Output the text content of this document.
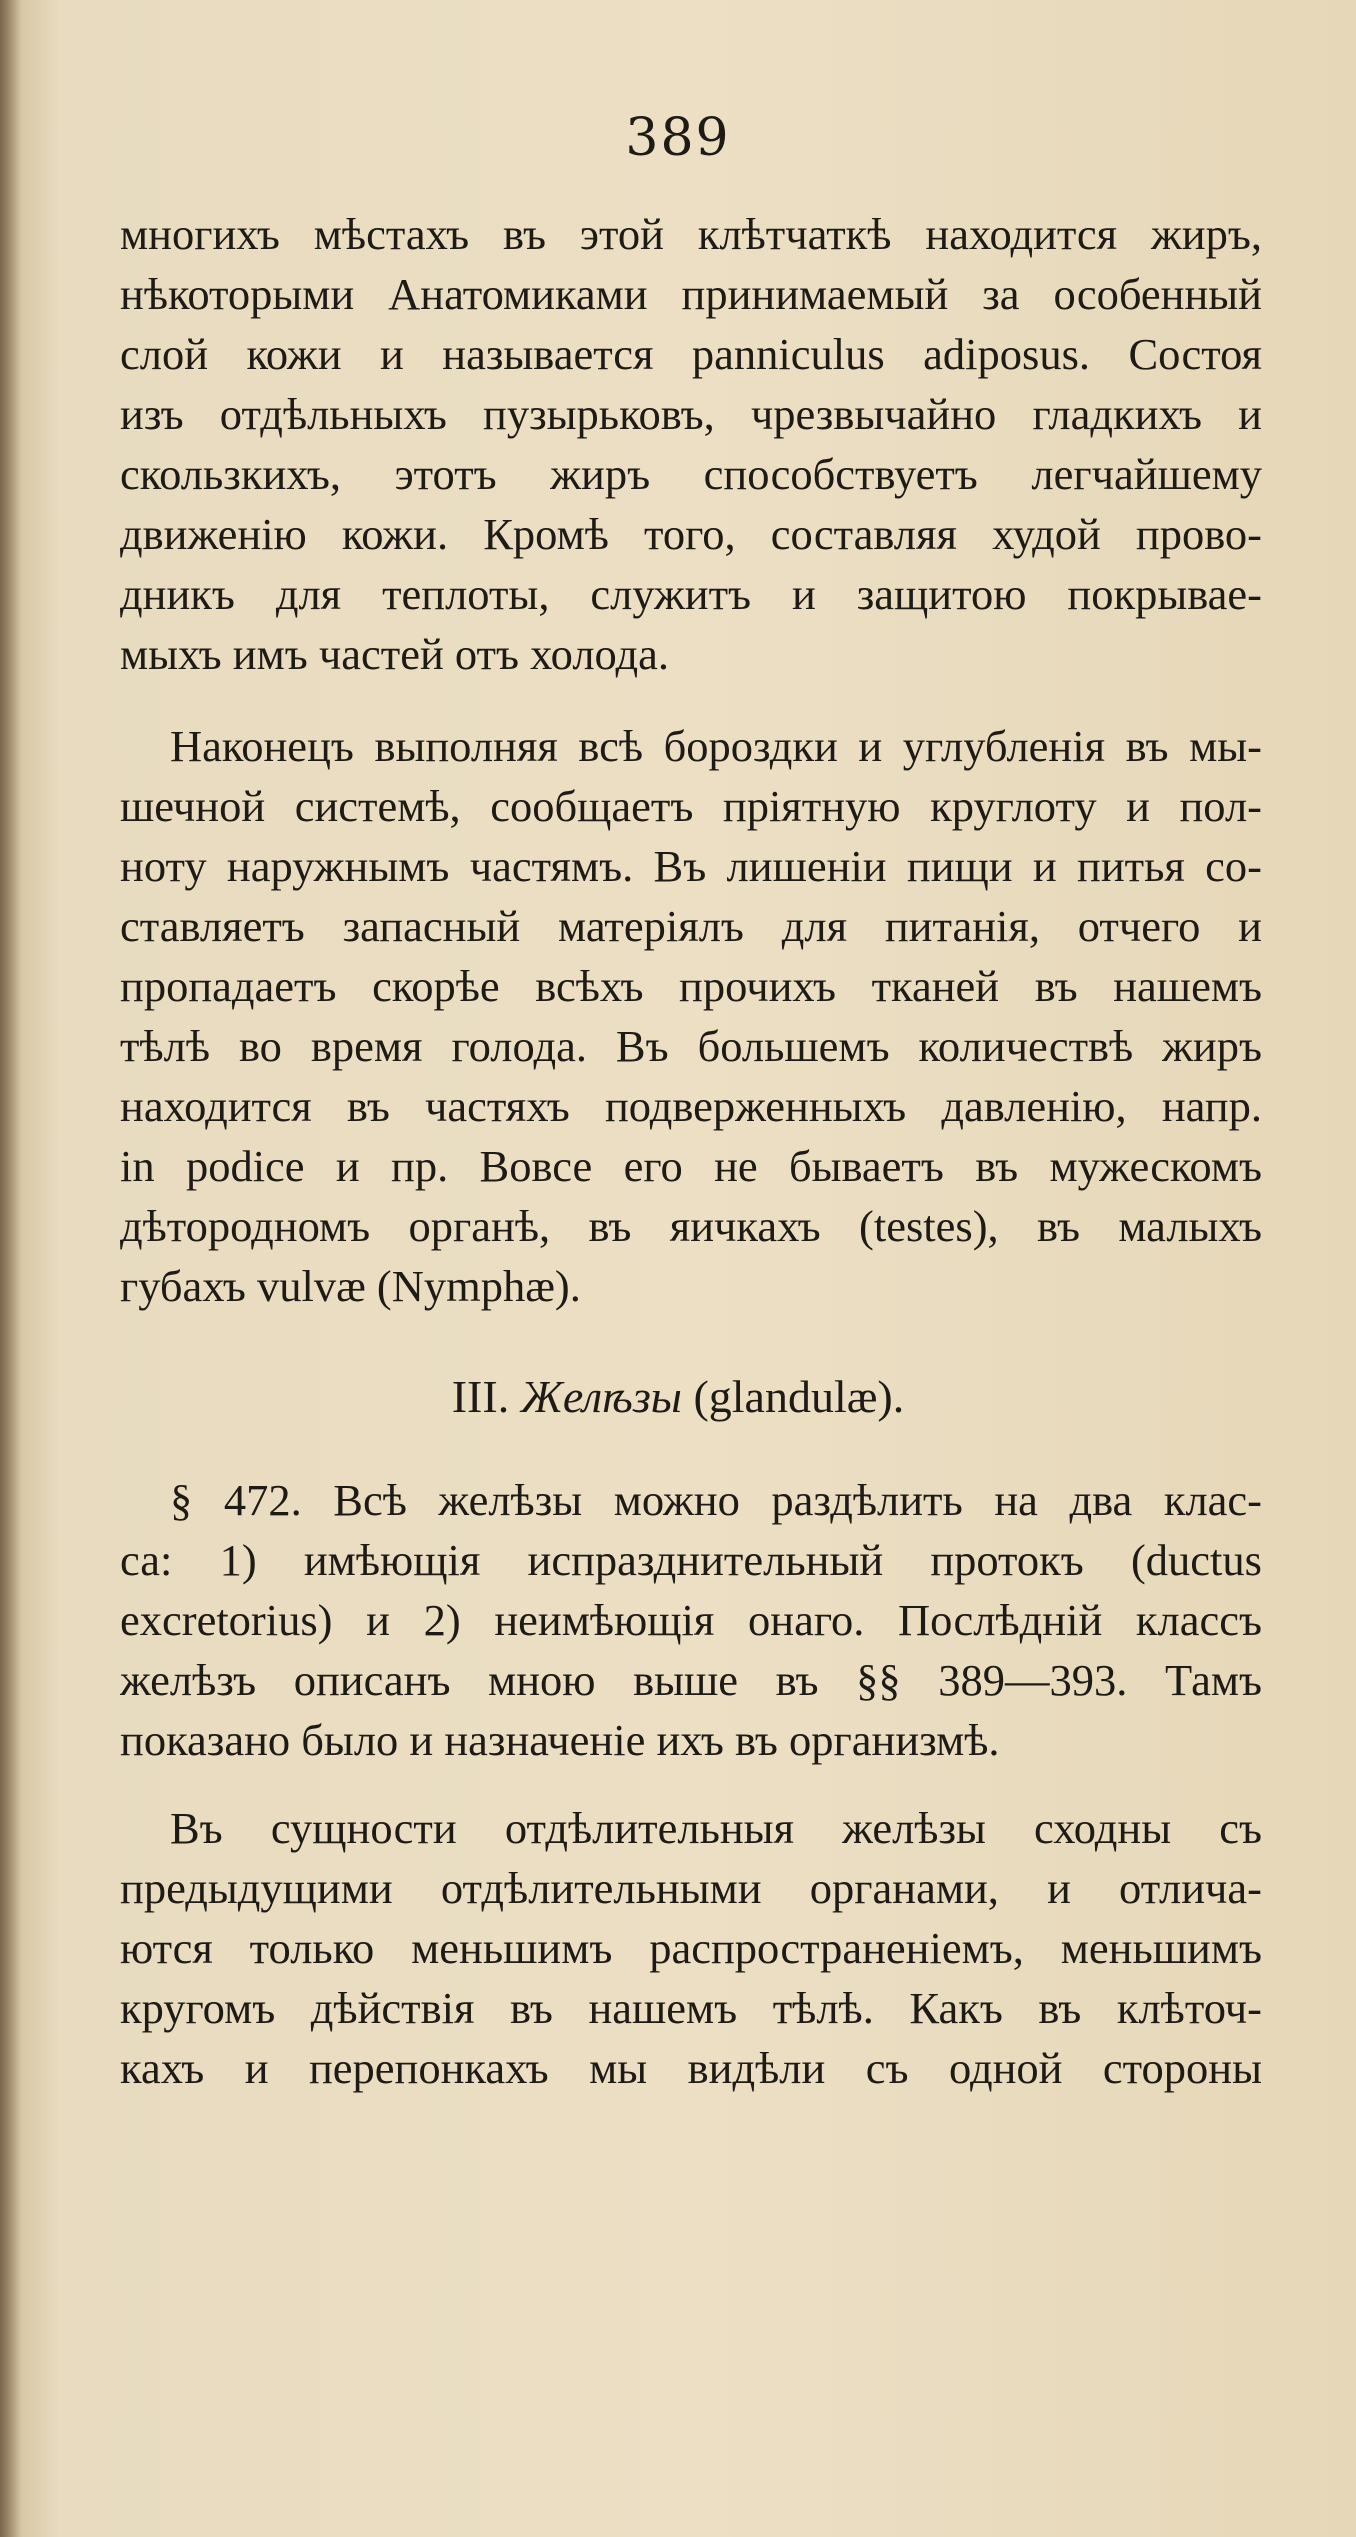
389
многихъ мѣстахъ въ этой клѣтчаткѣ находится жиръ,
нѣкоторыми Анатомиками принимаемый за особенный
слой кожи и называется panniculus adiposus. Состоя
изъ отдѣльныхъ пузырьковъ, чрезвычайно гладкихъ и
скользкихъ, этотъ жиръ способствуетъ легчайшему
движенію кожи. Кромѣ того, составляя худой прово-
дникъ для теплоты, служитъ и защитою покрывае-
мыхъ имъ частей отъ холода.
Наконецъ выполняя всѣ бороздки и углубленія въ мы-
шечной системѣ, сообщаетъ пріятную круглоту и пол-
ноту наружнымъ частямъ. Въ лишеніи пищи и питья со-
ставляетъ запасный матеріялъ для питанія, отчего и
пропадаетъ скорѣе всѣхъ прочихъ тканей въ нашемъ
тѣлѣ во время голода. Въ большемъ количествѣ жиръ
находится въ частяхъ подверженныхъ давленію, напр.
in podice и пр. Вовсе его не бываетъ въ мужескомъ
дѣтородномъ органѣ, въ яичкахъ (testes), въ малыхъ
губахъ vulvæ (Nymphæ).
III. Желѣзы (glandulæ).
§ 472. Всѣ желѣзы можно раздѣлить на два клас-
са: 1) имѣющія испразднительный протокъ (ductus
excretorius) и 2) неимѣющія онаго. Послѣдній классъ
желѣзъ описанъ мною выше въ §§ 389—393. Тамъ
показано было и назначеніе ихъ въ организмѣ.
Въ сущности отдѣлительныя желѣзы сходны съ
предыдущими отдѣлительными органами, и отлича-
ются только меньшимъ распространеніемъ, меньшимъ
кругомъ дѣйствія въ нашемъ тѣлѣ. Какъ въ клѣточ-
кахъ и перепонкахъ мы видѣли съ одной стороны
